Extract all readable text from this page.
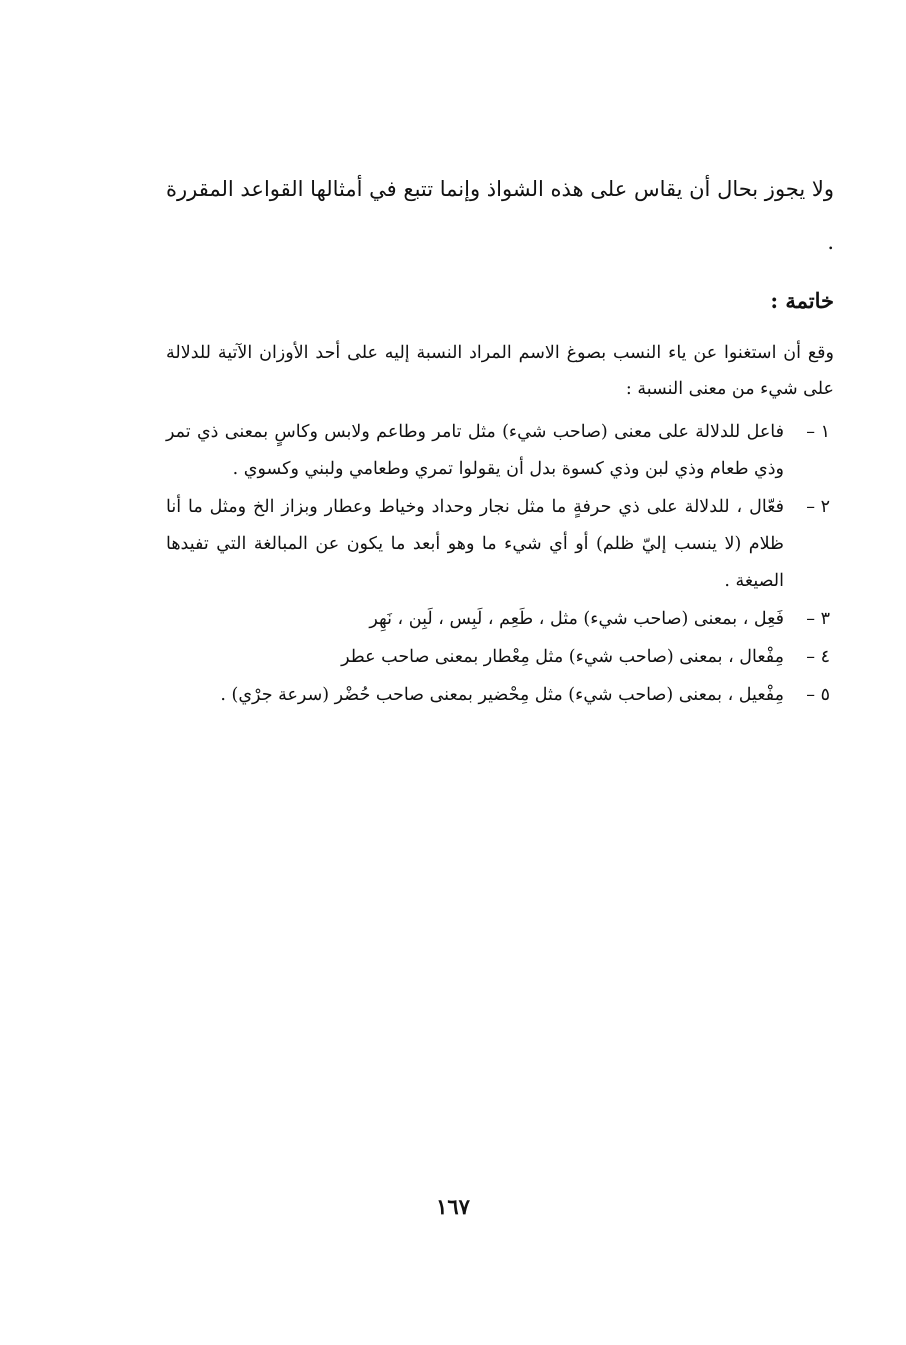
ولا يجوز بحال أن يقاس على هذه الشواذ وإنما تتبع في أمثالها القواعد المقررة .
خاتمة :
وقع أن استغنوا عن ياء النسب بصوغ الاسم المراد النسبة إليه على أحد الأوزان الآتية للدلالة على شيء من معنى النسبة :
١ –
فاعل للدلالة على معنى (صاحب شيء) مثل تامر وطاعم ولابس وكاسٍ بمعنى ذي تمر وذي طعام وذي لبن وذي كسوة بدل أن يقولوا تمري وطعامي ولبني وكسوي .
٢ –
فعّال ، للدلالة على ذي حرفةٍ ما مثل نجار وحداد وخياط وعطار وبزاز الخ ومثل ما أنا ظلام (لا ينسب إليّ ظلم) أو أي شيء ما وهو أبعد ما يكون عن المبالغة التي تفيدها الصيغة .
٣ –
فَعِل ، بمعنى (صاحب شيء) مثل ، طَعِم ، لَبِس ، لَبِن ، نَهِر
٤ –
مِفْعال ، بمعنى (صاحب شيء) مثل مِعْطار بمعنى صاحب عطر
٥ –
مِفْعيل ، بمعنى (صاحب شيء) مثل مِحْضير بمعنى صاحب حُضْر (سرعة جرْي) .
١٦٧
